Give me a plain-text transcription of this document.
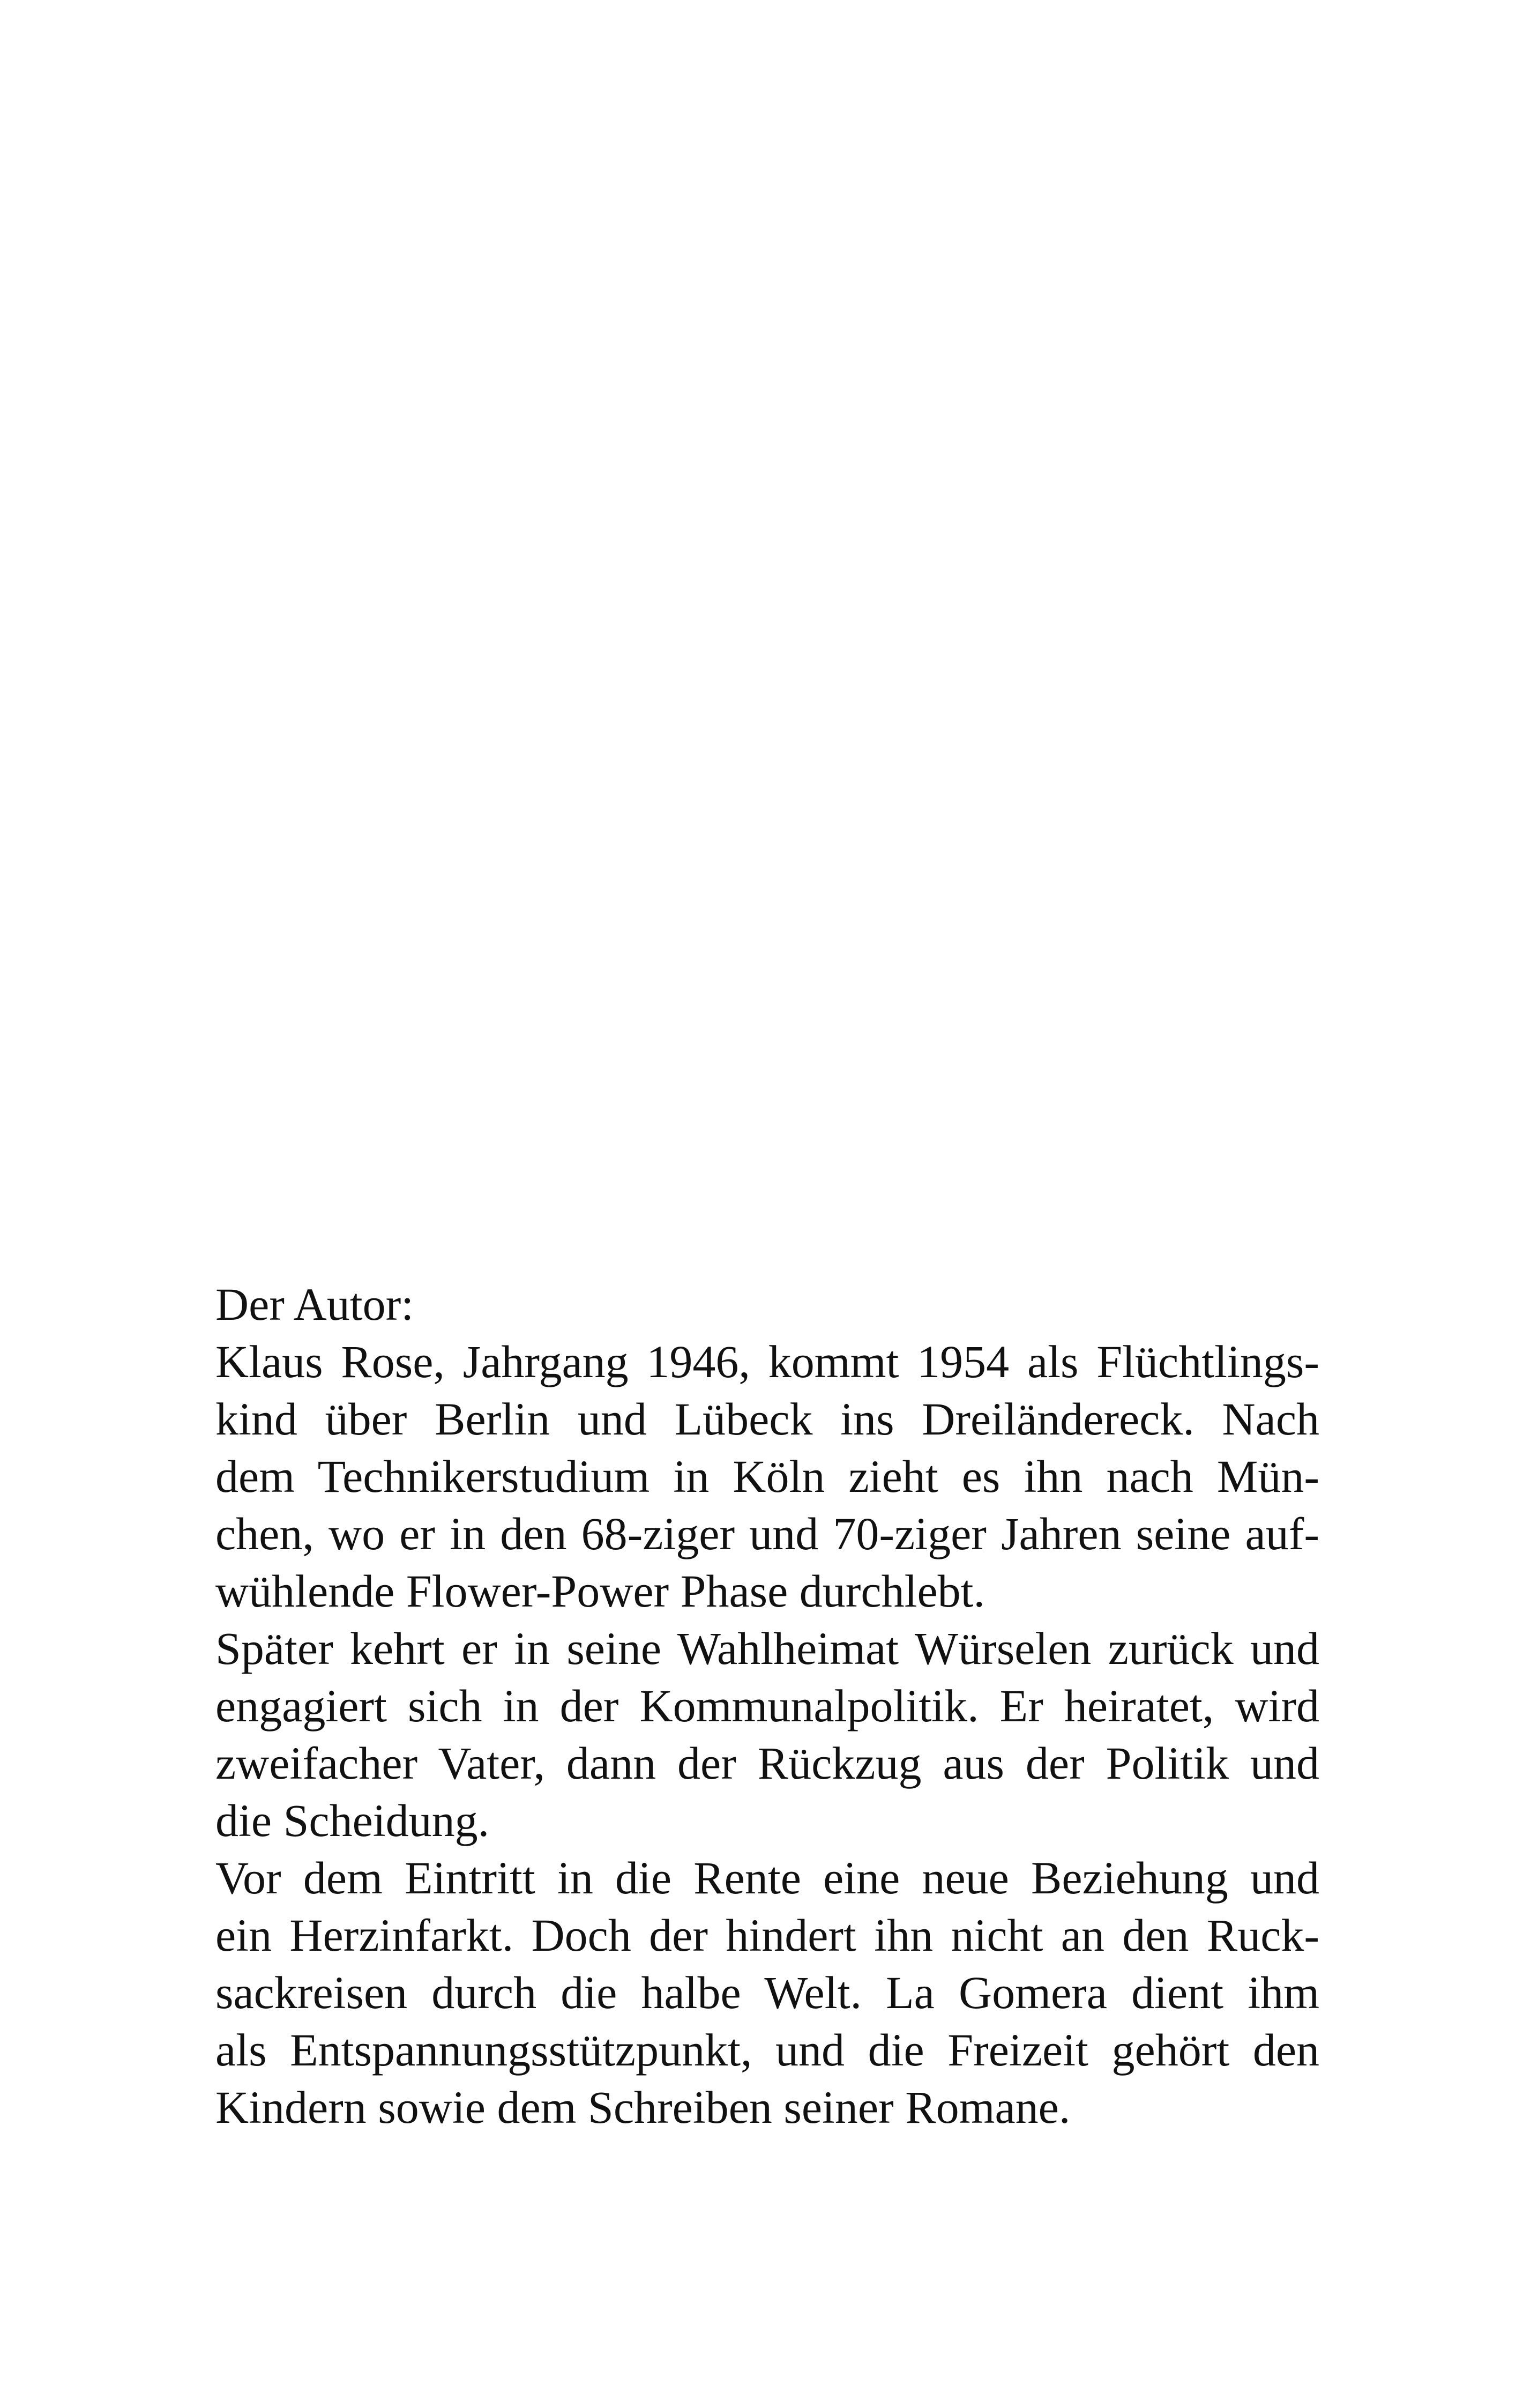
Der Autor:
Klaus Rose, Jahrgang 1946, kommt 1954 als Flüchtlings-
kind über Berlin und Lübeck ins Dreiländereck. Nach
dem Technikerstudium in Köln zieht es ihn nach Mün-
chen, wo er in den 68-ziger und 70-ziger Jahren seine auf-
wühlende Flower-Power Phase durchlebt.
Später kehrt er in seine Wahlheimat Würselen zurück und
engagiert sich in der Kommunalpolitik. Er heiratet, wird
zweifacher Vater, dann der Rückzug aus der Politik und
die Scheidung.
Vor dem Eintritt in die Rente eine neue Beziehung und
ein Herzinfarkt. Doch der hindert ihn nicht an den Ruck-
sackreisen durch die halbe Welt. La Gomera dient ihm
als Entspannungsstützpunkt, und die Freizeit gehört den
Kindern sowie dem Schreiben seiner Romane.
